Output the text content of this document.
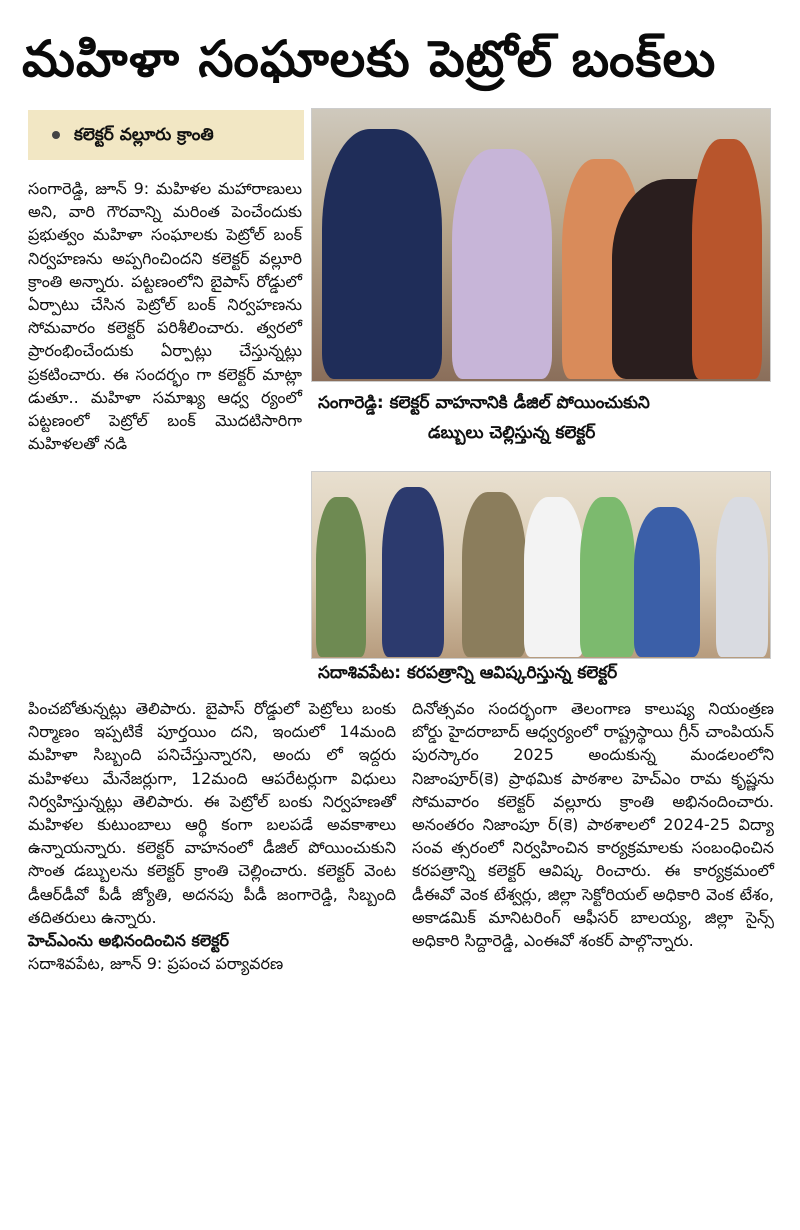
మహిళా సంఘాలకు పెట్రోల్ బంక్‌లు
కలెక్టర్ వల్లూరు క్రాంతి

సంగారెడ్డి, జూన్ 9: మహిళల మహారాణులు అని, వారి గౌరవాన్ని మరింత పెంచేందుకు ప్రభుత్వం మహిళా సంఘాలకు పెట్రోల్ బంక్ నిర్వహణను అప్పగించిందని కలెక్టర్ వల్లూరి క్రాంతి అన్నారు. పట్టణంలోని బైపాస్ రోడ్డులో ఏర్పాటు చేసిన పెట్రోల్ బంక్ నిర్వహణను సోమవారం కలెక్టర్ పరిశీలించారు. త్వరలో ప్రారంభించేందుకు ఏర్పాట్లు చేస్తున్నట్లు ప్రకటించారు. ఈ సందర్భం గా కలెక్టర్ మాట్లా డుతూ.. మహిళా సమాఖ్య ఆధ్వ ర్యంలో పట్టణంలో పెట్రోల్ బంక్ మొదటిసారిగా మహిళలతో నడి

సంగారెడ్డి: కలెక్టర్ వాహనానికి డీజిల్ పోయించుకుని
డబ్బులు చెల్లిస్తున్న కలెక్టర్
సదాశివపేట: కరపత్రాన్ని ఆవిష్కరిస్తున్న కలెక్టర్

పించబోతున్నట్లు తెలిపారు. బైపాస్ రోడ్డులో పెట్రోలు బంకు నిర్మాణం ఇప్పటికే పూర్తయిం దని, ఇందులో 14మంది మహిళా సిబ్బంది పనిచేస్తున్నారని, అందు లో ఇద్దరు మహిళలు మేనేజర్లుగా, 12మంది ఆపరేటర్లుగా విధులు నిర్వహిస్తున్నట్లు తెలిపారు. ఈ పెట్రోల్ బంకు నిర్వహణతో మహిళల కుటుంబాలు ఆర్థి కంగా బలపడే అవకాశాలు ఉన్నాయన్నారు. కలెక్టర్ వాహనంలో డీజిల్ పోయించుకుని సొంత డబ్బులను కలెక్టర్ క్రాంతి చెల్లించారు. కలెక్టర్ వెంట డీఆర్‌డీవో పీడీ జ్యోతి, అదనపు పీడీ జంగారెడ్డి, సిబ్బంది తదితరులు ఉన్నారు.

హెచ్‌ఎంను అభినందించిన కలెక్టర్

సదాశివపేట, జూన్ 9: ప్రపంచ పర్యావరణ

దినోత్సవం సందర్భంగా తెలంగాణ కాలుష్య నియంత్రణ బోర్డు హైదరాబాద్ ఆధ్వర్యంలో రాష్ట్రస్థాయి గ్రీన్ చాంపియన్ పురస్కారం 2025 అందుకున్న మండలంలోని నిజాంపూర్(కె) ప్రాథమిక పాఠశాల హెచ్‌ఎం రామ కృష్ణను సోమవారం కలెక్టర్ వల్లూరు క్రాంతి అభినందించారు. అనంతరం నిజాంపూ ర్(కె) పాఠశాలలో 2024-25 విద్యా సంవ త్సరంలో నిర్వహించిన కార్యక్రమాలకు సంబంధించిన కరపత్రాన్ని కలెక్టర్ ఆవిష్క రించారు. ఈ కార్యక్రమంలో డీఈవో వెంక టేశ్వర్లు, జిల్లా సెక్టోరియల్ అధికారి వెంక టేశం, అకాడమిక్ మానిటరింగ్ ఆఫీసర్ బాలయ్య, జిల్లా సైన్స్ అధికారి సిద్దారెడ్డి, ఎంఈవో శంకర్ పాల్గొన్నారు.
